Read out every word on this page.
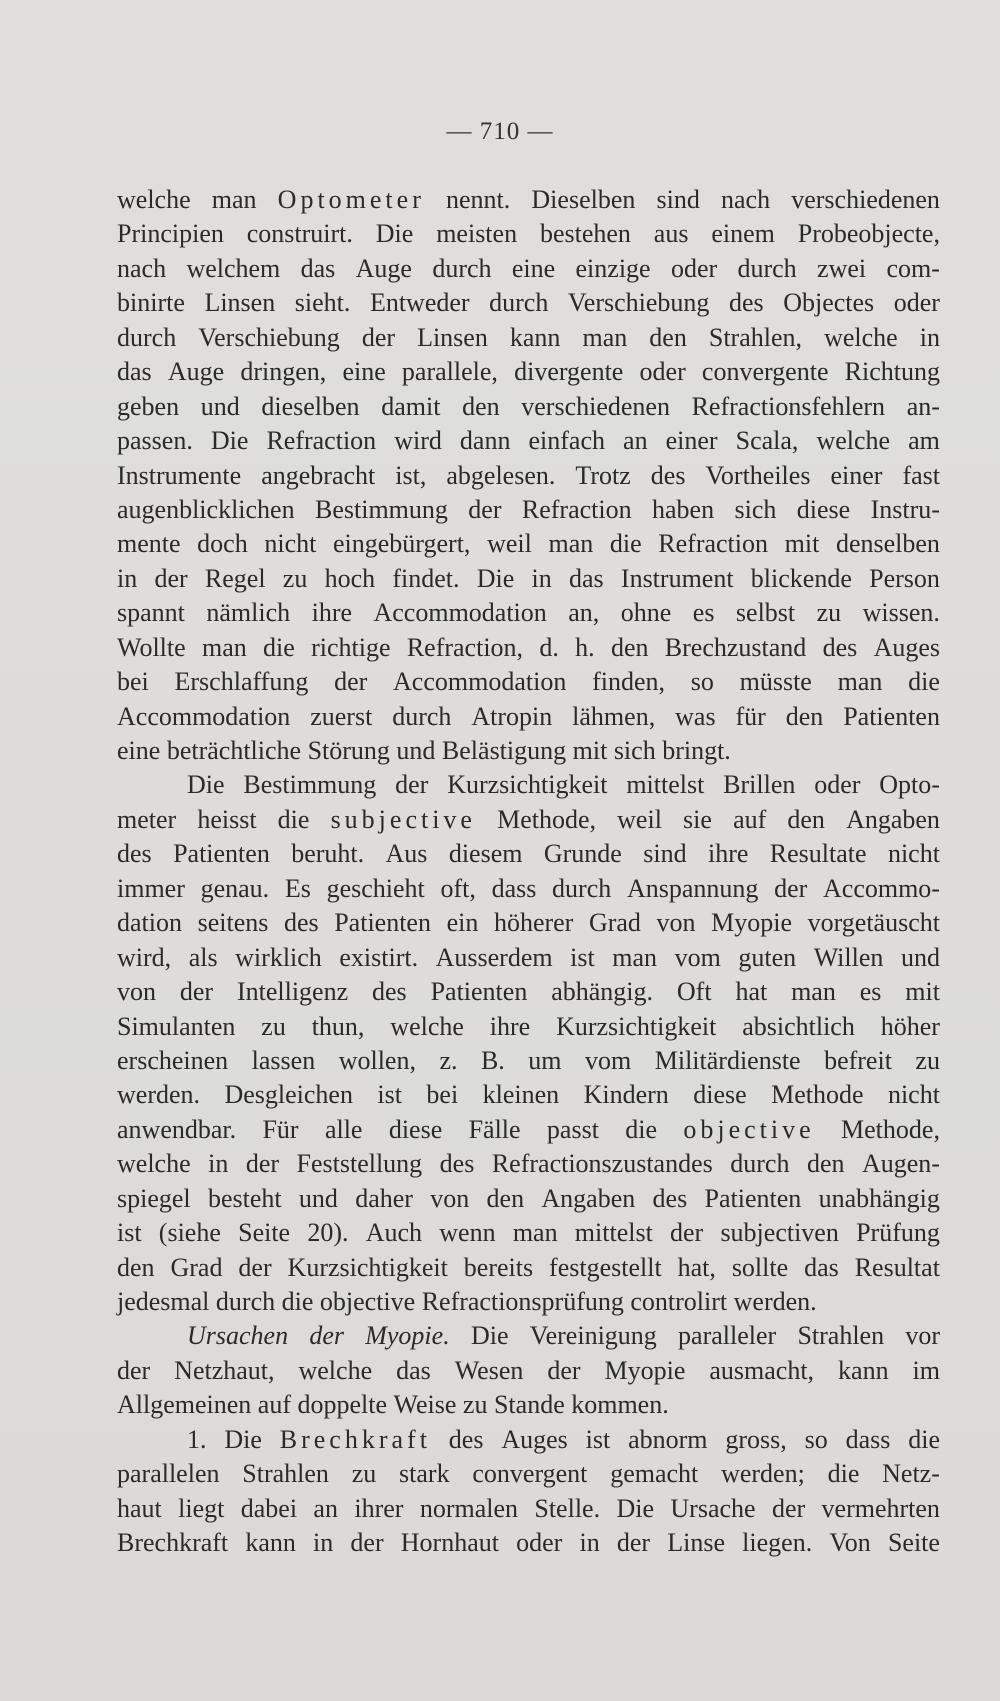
— 710 —
welche man Optometer nennt. Dieselben sind nach verschiedenen
Principien construirt. Die meisten bestehen aus einem Probeobjecte,
nach welchem das Auge durch eine einzige oder durch zwei com-
binirte Linsen sieht. Entweder durch Verschiebung des Objectes oder
durch Verschiebung der Linsen kann man den Strahlen, welche in
das Auge dringen, eine parallele, divergente oder convergente Richtung
geben und dieselben damit den verschiedenen Refractionsfehlern an-
passen. Die Refraction wird dann einfach an einer Scala, welche am
Instrumente angebracht ist, abgelesen. Trotz des Vortheiles einer fast
augenblicklichen Bestimmung der Refraction haben sich diese Instru-
mente doch nicht eingebürgert, weil man die Refraction mit denselben
in der Regel zu hoch findet. Die in das Instrument blickende Person
spannt nämlich ihre Accommodation an, ohne es selbst zu wissen.
Wollte man die richtige Refraction, d. h. den Brechzustand des Auges
bei Erschlaffung der Accommodation finden, so müsste man die
Accommodation zuerst durch Atropin lähmen, was für den Patienten
eine
beträchtliche
Störung
und
Belästigung
mit
sich
bringt.
Die Bestimmung der Kurzsichtigkeit mittelst Brillen oder Opto-
meter heisst die subjective Methode, weil sie auf den Angaben
des Patienten beruht. Aus diesem Grunde sind ihre Resultate nicht
immer genau. Es geschieht oft, dass durch Anspannung der Accommo-
dation seitens des Patienten ein höherer Grad von Myopie vorgetäuscht
wird, als wirklich existirt. Ausserdem ist man vom guten Willen und
von der Intelligenz des Patienten abhängig. Oft hat man es mit
Simulanten zu thun, welche ihre Kurzsichtigkeit absichtlich höher
erscheinen lassen wollen, z. B. um vom Militärdienste befreit zu
werden. Desgleichen ist bei kleinen Kindern diese Methode nicht
anwendbar. Für alle diese Fälle passt die objective Methode,
welche in der Feststellung des Refractionszustandes durch den Augen-
spiegel besteht und daher von den Angaben des Patienten unabhängig
ist (siehe Seite 20). Auch wenn man mittelst der subjectiven Prüfung
den Grad der Kurzsichtigkeit bereits festgestellt hat, sollte das Resultat
jedesmal
durch
die
objective
Refractionsprüfung
controlirt
werden.
Ursachen der Myopie. Die Vereinigung paralleler Strahlen vor
der Netzhaut, welche das Wesen der Myopie ausmacht, kann im
Allgemeinen
auf
doppelte
Weise
zu
Stande
kommen.
1. Die Brechkraft des Auges ist abnorm gross, so dass die
parallelen Strahlen zu stark convergent gemacht werden; die Netz-
haut liegt dabei an ihrer normalen Stelle. Die Ursache der vermehrten
Brechkraft kann in der Hornhaut oder in der Linse liegen. Von Seite
